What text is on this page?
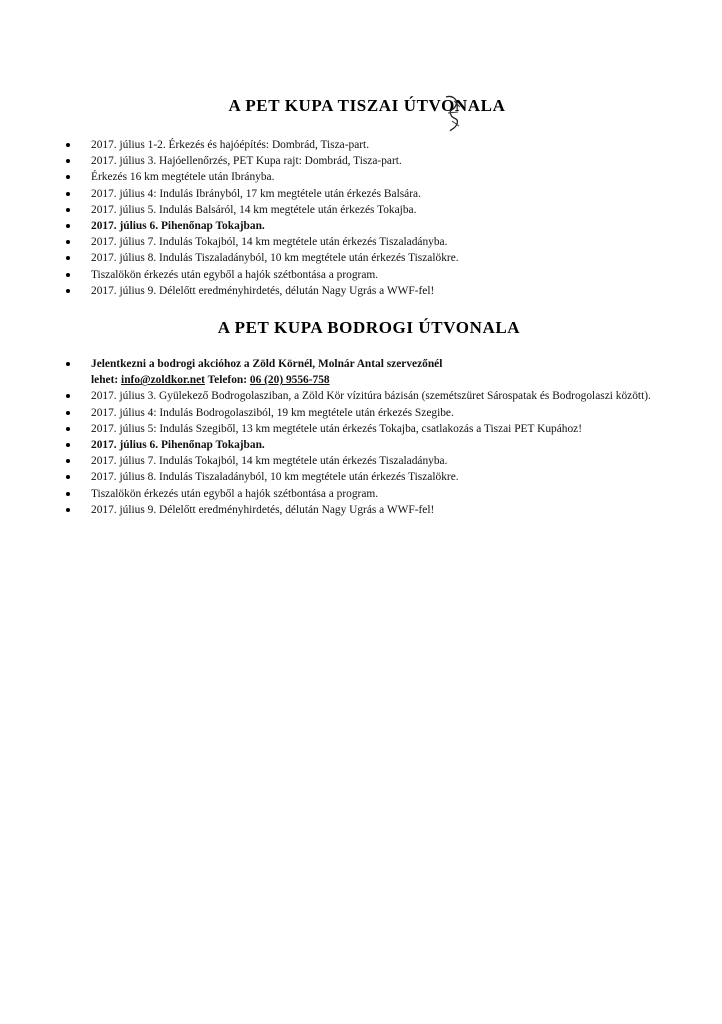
A PET KUPA TISZAI ÚTVONALA
2017. július 1-2. Érkezés és hajóépítés: Dombrád, Tisza-part.
2017. július 3. Hajóellenőrzés, PET Kupa rajt: Dombrád, Tisza-part.
Érkezés 16 km megtétele után Ibrányba.
2017. július 4: Indulás Ibrányból, 17 km megtétele után érkezés Balsára.
2017. július 5. Indulás Balsáról, 14 km megtétele után érkezés Tokajba.
2017. július 6. Pihenőnap Tokajban.
2017. július 7. Indulás Tokajból, 14 km megtétele után érkezés Tiszaladányba.
2017. július 8. Indulás Tiszaladányból, 10 km megtétele után érkezés Tiszalökre.
Tiszalökön érkezés után egyből a hajók szétbontása a program.
2017. július 9. Délelőtt eredményhirdetés, délután Nagy Ugrás a WWF-fel!
A PET KUPA BODROGI ÚTVONALA
Jelentkezni a bodrogi akcióhoz a Zöld Körnél, Molnár Antal szervezőnél
lehet: info@zoldkor.net Telefon: 06 (20) 9556-758
2017. július 3. Gyülekező Bodrogolasziban, a Zöld Kör vízitúra bázisán (szemétszüret Sárospatak és Bodrogolaszi között).
2017. július 4: Indulás Bodrogolasziból, 19 km megtétele után érkezés Szegibe.
2017. július 5: Indulás Szegiből, 13 km megtétele után érkezés Tokajba, csatlakozás a Tiszai PET Kupához!
2017. július 6. Pihenőnap Tokajban.
2017. július 7. Indulás Tokajból, 14 km megtétele után érkezés Tiszaladányba.
2017. július 8. Indulás Tiszaladányból, 10 km megtétele után érkezés Tiszalökre.
Tiszalökön érkezés után egyből a hajók szétbontása a program.
2017. július 9. Délelőtt eredményhirdetés, délután Nagy Ugrás a WWF-fel!
